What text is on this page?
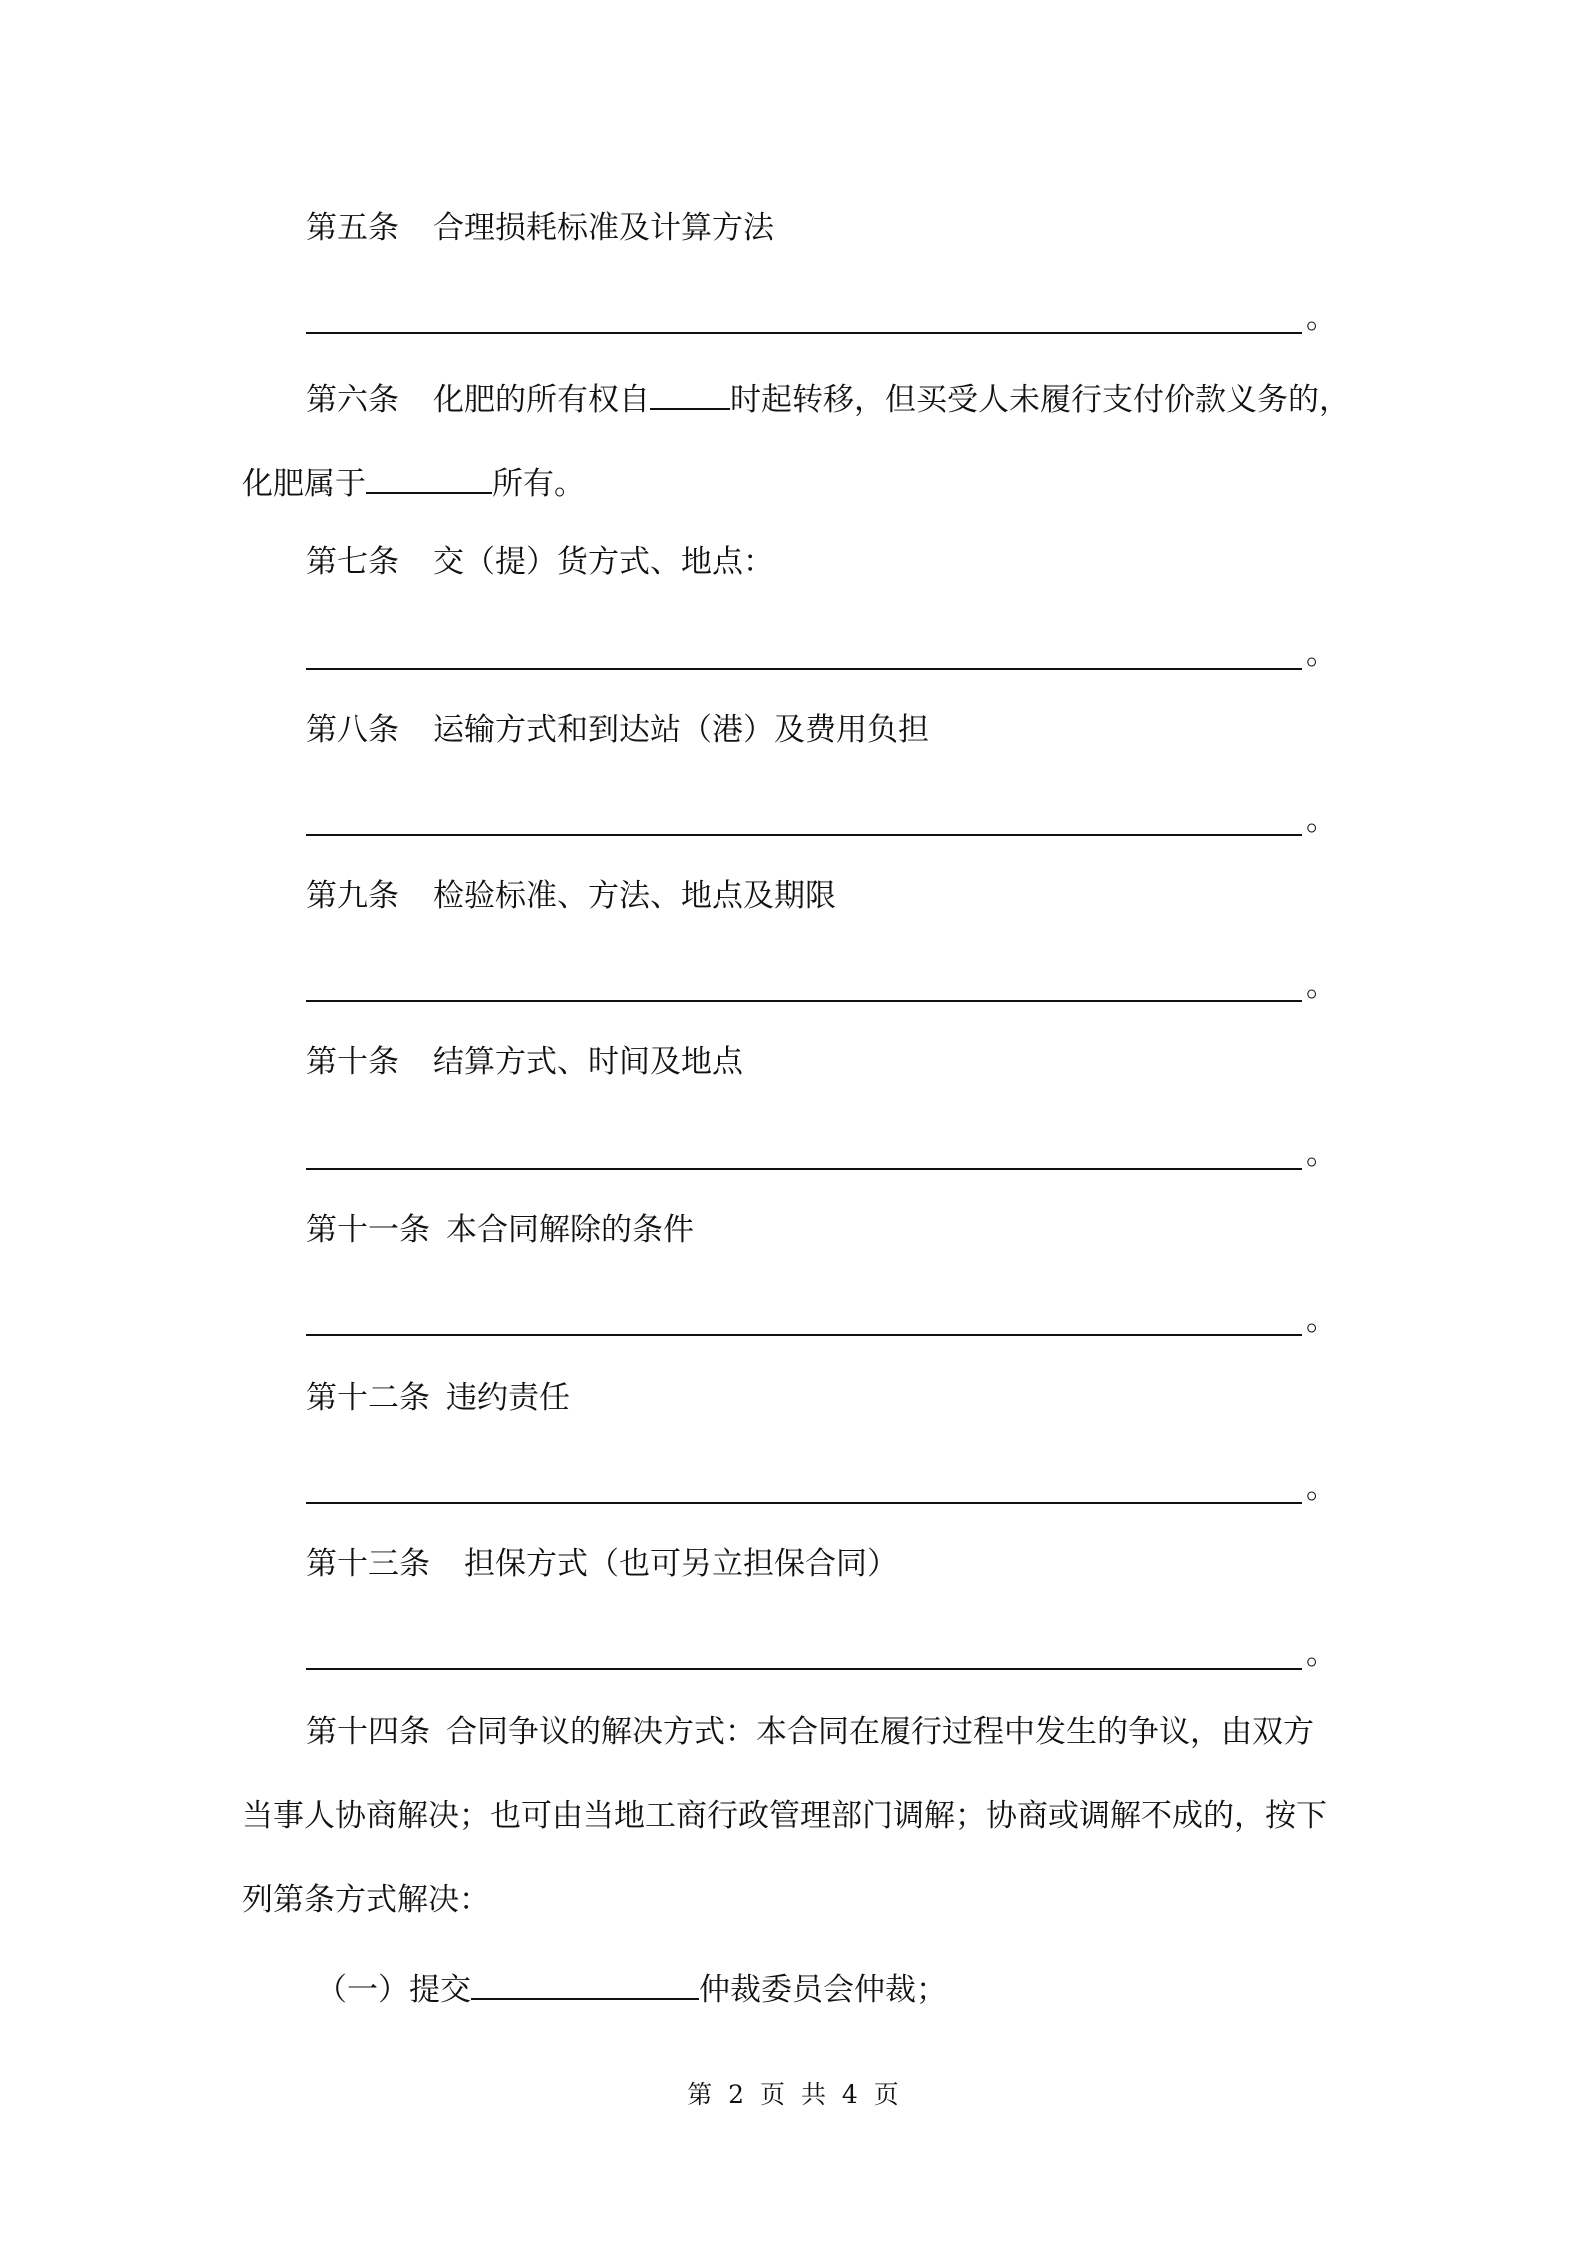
第五条 合理损耗标准及计算方法
。
第六条 化肥的所有权自	时起转移，但买受人未履行支付价款义务的，
化肥属于	所有。
第七条 交（提）货方式、地点：
。
第八条 运输方式和到达站（港）及费用负担
。
第九条 检验标准、方法、地点及期限
。
第十条 结算方式、时间及地点
。
第十一条 本合同解除的条件
。
第十二条 违约责任
。
第十三条 担保方式（也可另立担保合同）
。
第十四条 合同争议的解决方式：本合同在履行过程中发生的争议，由双方
当事人协商解决；也可由当地工商行政管理部门调解；协商或调解不成的，按下
列第条方式解决：
（一）提交	仲裁委员会仲裁；
第 2 页 共 4 页
